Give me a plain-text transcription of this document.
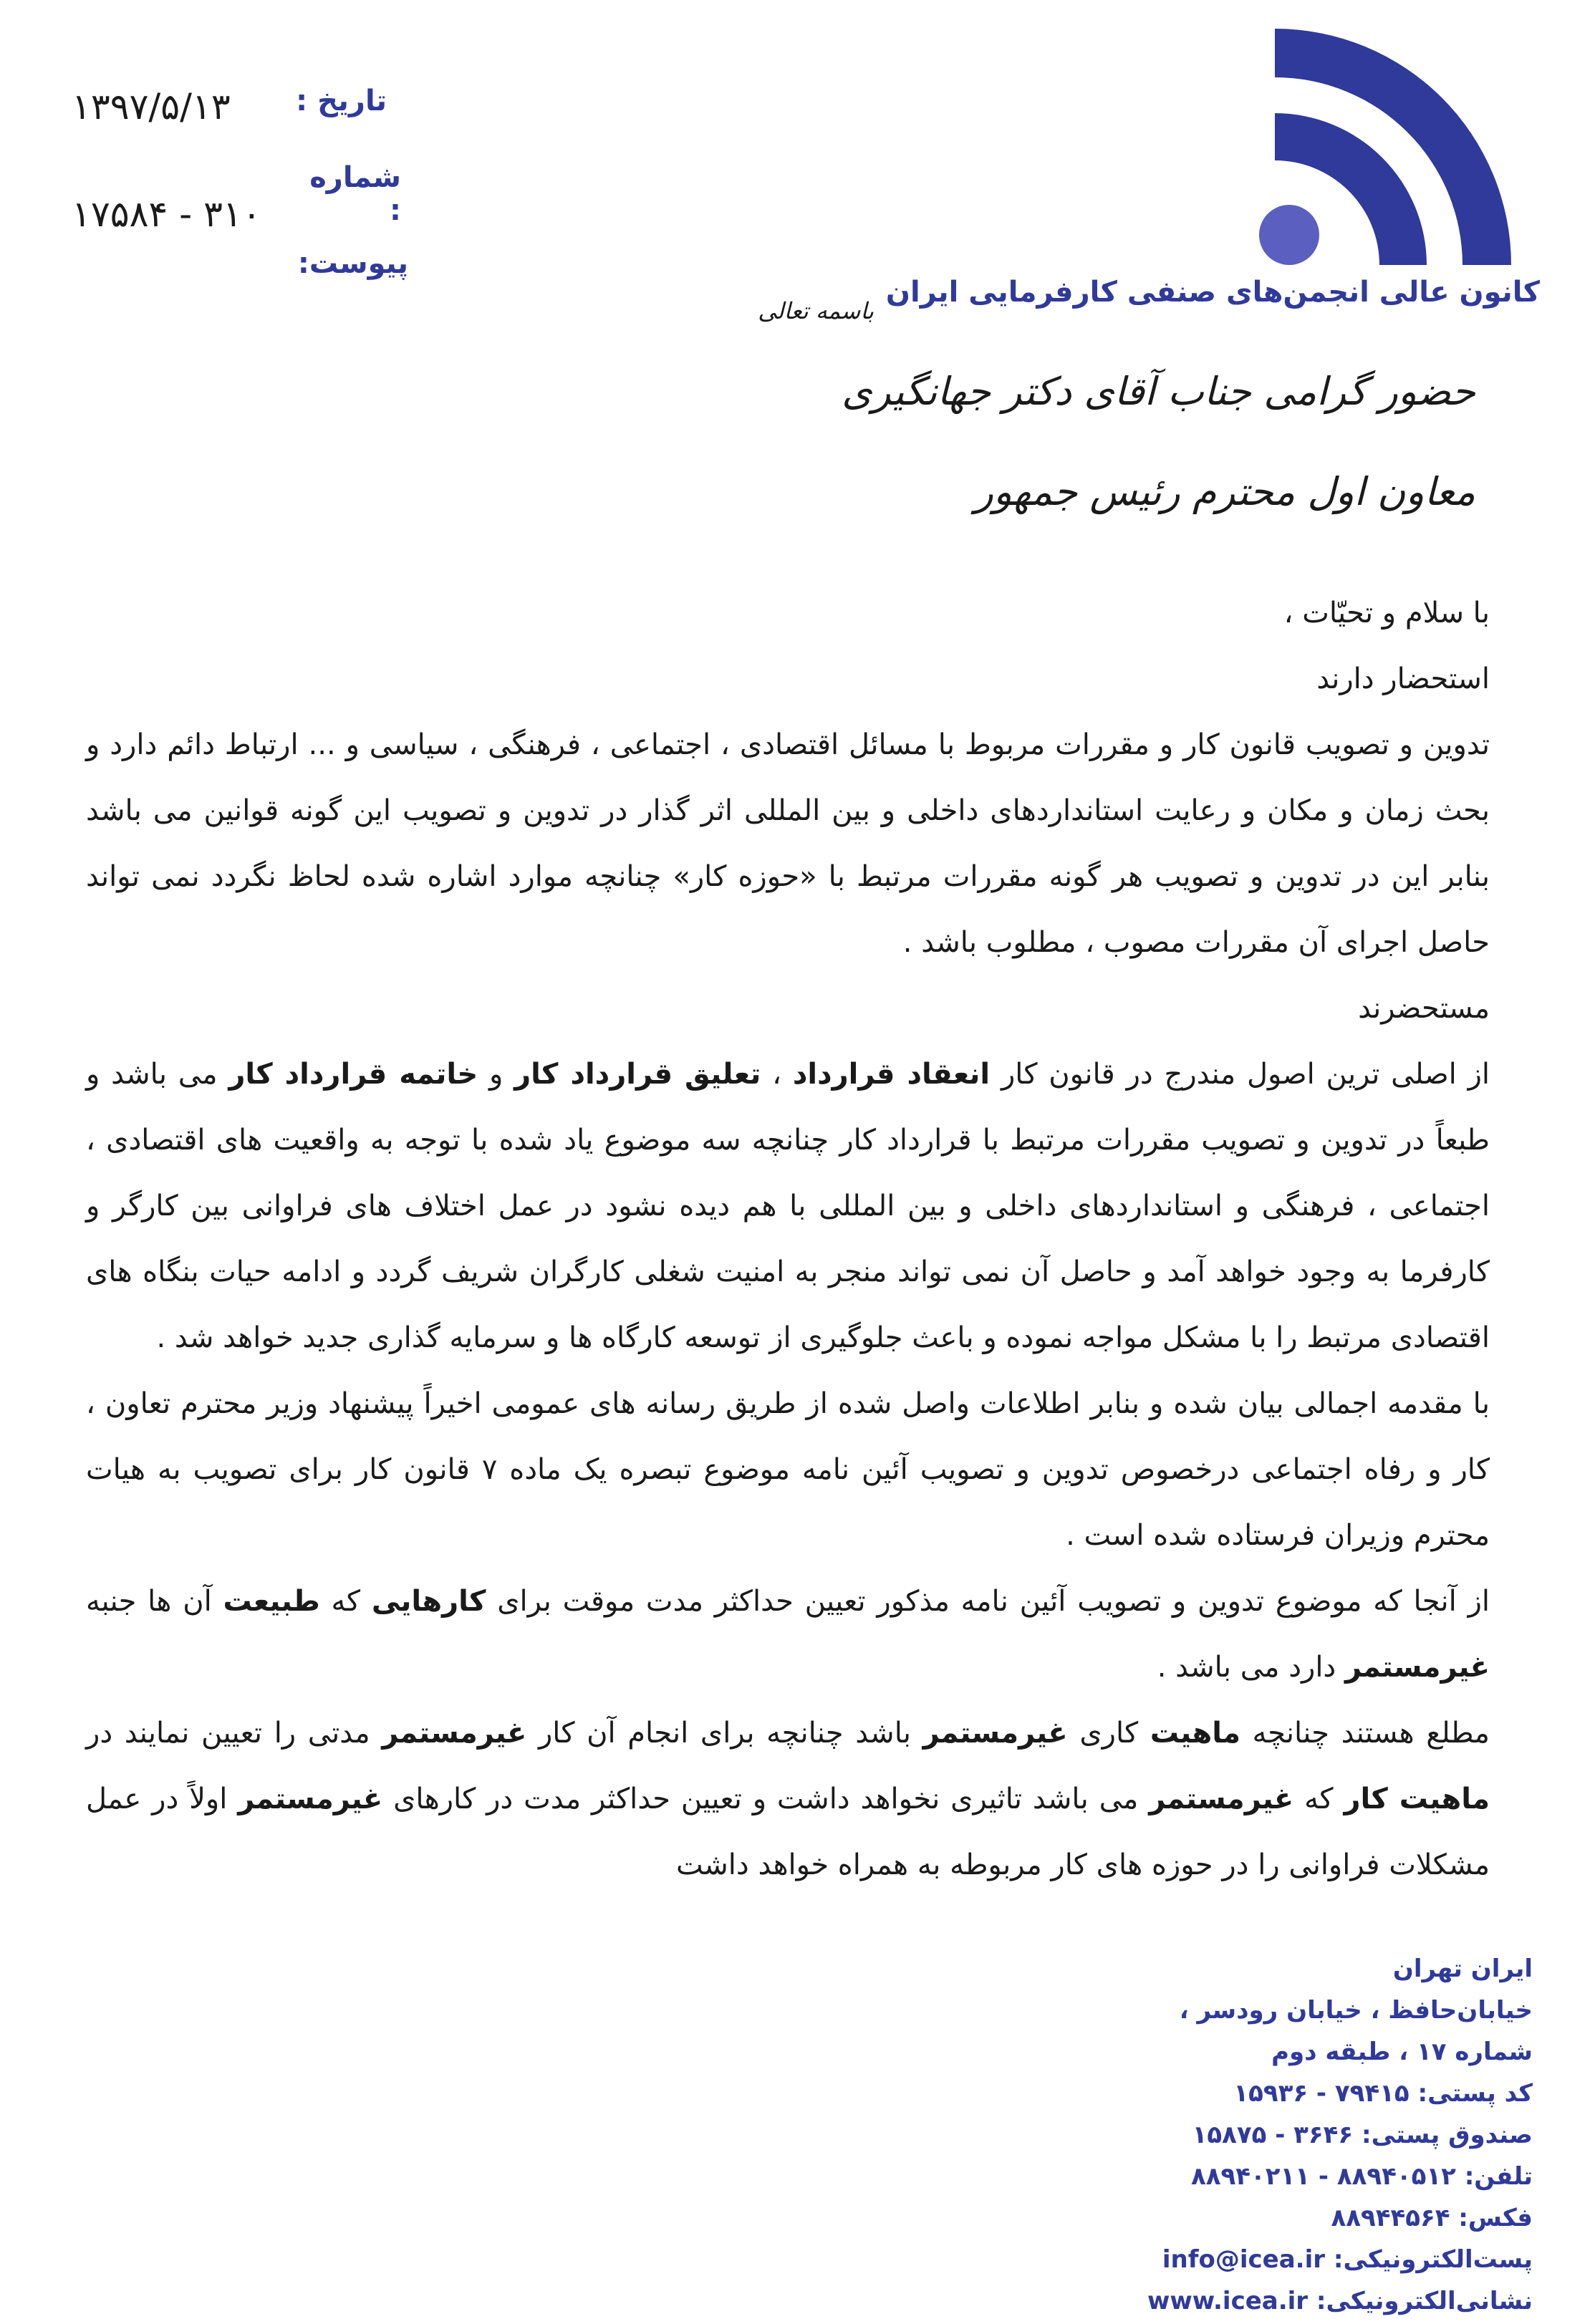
تاریخ :
۱۳۹۷/۵/۱۳
شماره :
۱۷۵۸۴ - ۳۱۰
پیوست:
کانون عالی انجمن‌های صنفی کارفرمایی ایران
باسمه تعالی
حضور گرامی جناب آقای دکتر جهانگیری
معاون اول محترم رئیس جمهور

با سلام و تحیّات ،

استحضار دارند

تدوین و تصویب قانون کار و مقررات مربوط با مسائل اقتصادی ، اجتماعی ، فرهنگی ، سیاسی و ... ارتباط دائم دارد و بحث زمان و مکان و رعایت استانداردهای داخلی و بین المللی اثر گذار در تدوین و تصویب این گونه قوانین می باشد بنابر این در تدوین و تصویب هر گونه مقررات مرتبط با «حوزه کار» چنانچه موارد اشاره شده لحاظ نگردد نمی تواند حاصل اجرای آن مقررات مصوب ، مطلوب باشد .

مستحضرند

از اصلی ترین اصول مندرج در قانون کار انعقاد قرارداد ، تعلیق قرارداد کار و خاتمه قرارداد کار می باشد و طبعاً در تدوین و تصویب مقررات مرتبط با قرارداد کار چنانچه سه موضوع یاد شده با توجه به واقعیت های اقتصادی ، اجتماعی ، فرهنگی و استانداردهای داخلی و بین المللی با هم دیده نشود در عمل اختلاف های فراوانی بین کارگر و کارفرما به وجود خواهد آمد و حاصل آن نمی تواند منجر به امنیت شغلی کارگران شریف گردد و ادامه حیات بنگاه های اقتصادی مرتبط را با مشکل مواجه نموده و باعث جلوگیری از توسعه کارگاه ها و سرمایه گذاری جدید خواهد شد .

با مقدمه اجمالی بیان شده و بنابر اطلاعات واصل شده از طریق رسانه های عمومی اخیراً پیشنهاد وزیر محترم تعاون ، کار و رفاه اجتماعی درخصوص تدوین و تصویب آئین نامه موضوع تبصره یک ماده ۷ قانون کار برای تصویب به هیات محترم وزیران فرستاده شده است .

از آنجا که موضوع تدوین و تصویب آئین نامه مذکور تعیین حداکثر مدت موقت برای کارهایی که طبیعت آن ها جنبه غیرمستمر دارد می باشد .

مطلع هستند چنانچه ماهیت کاری غیرمستمر باشد چنانچه برای انجام آن کار غیرمستمر مدتی را تعیین نمایند در ماهیت کار که غیرمستمر می باشد تاثیری نخواهد داشت و تعیین حداکثر مدت در کارهای غیرمستمر اولاً در عمل مشکلات فراوانی را در حوزه های کار مربوطه به همراه خواهد داشت

ایران تهران
خیابان‌حافظ ، خیابان رودسر ،
شماره ۱۷ ، طبقه دوم
کد پستی: ۷۹۴۱۵ - ۱۵۹۳۶
صندوق پستی: ۳۶۴۶ - ۱۵۸۷۵
تلفن: ۸۸۹۴۰۵۱۲ - ۸۸۹۴۰۲۱۱
فکس: ۸۸۹۴۴۵۶۴
پست‌الکترونیکی: info@icea.ir
نشانی‌الکترونیکی: www.icea.ir
